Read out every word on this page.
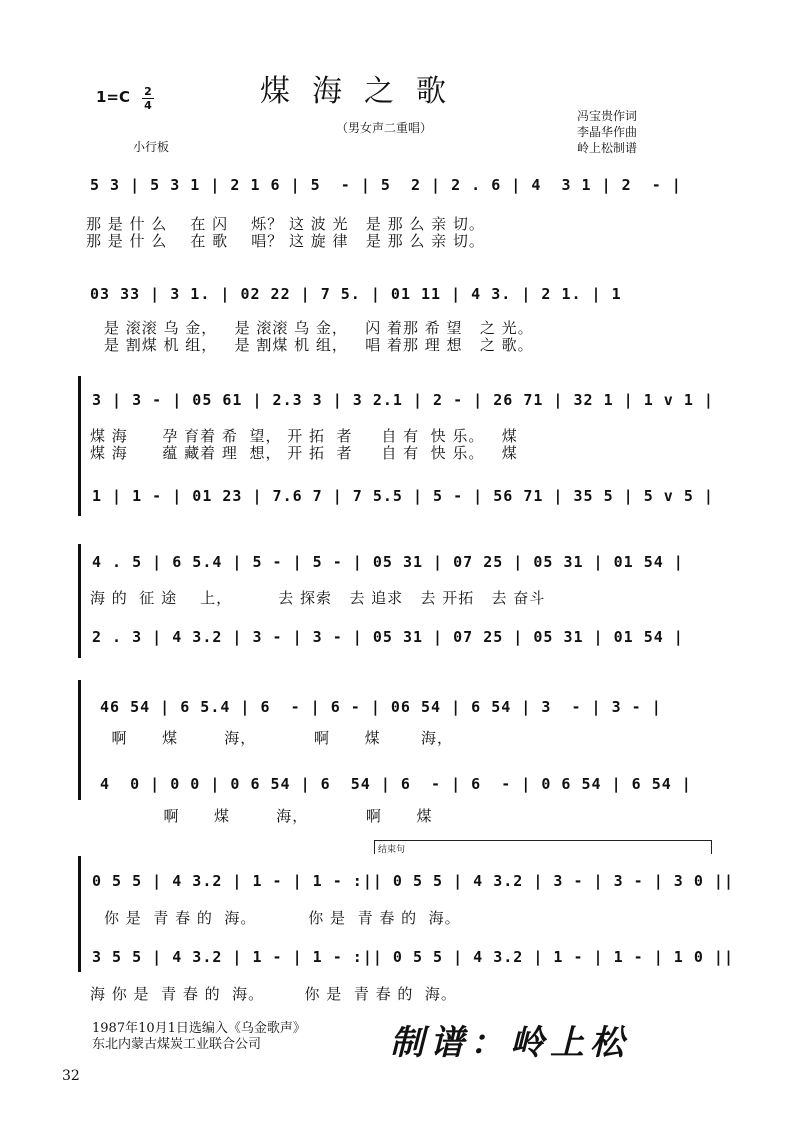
1=C 2
4	煤海之歌
（男女声二重唱）
冯宝贵作词
李晶华作曲
岭上松制谱
小行板
5 3 | 5 3 1 | 2 1 6 | 5  - | 5  2 | 2 . 6 | 4  3 1 | 2  - |
那 是 什 么    在 闪    烁？ 这 波 光   是 那 么 亲 切。
那 是 什 么    在 歌    唱？ 这 旋 律   是 那 么 亲 切。
03 33 | 3 1. | 02 22 | 7 5. | 01 11 | 4 3. | 2 1. | 1
是 滚滚 乌 金，   是 滚滚 乌 金，   闪 着那 希 望   之 光。
是 割煤 机 组，   是 割煤 机 组，   唱 着那 理 想   之 歌。
3 | 3 - | 05 61 | 2.3 3 | 3 2.1 | 2 - | 26 71 | 32 1 | 1 v 1 |
煤 海      孕 育着 希  望， 开 拓  者     自 有  快 乐。   煤
煤 海      蕴 藏着 理  想， 开 拓  者     自 有  快 乐。   煤
1 | 1 - | 01 23 | 7.6 7 | 7 5.5 | 5 - | 56 71 | 35 5 | 5 v 5 |
4 . 5 | 6 5.4 | 5 - | 5 - | 05 31 | 07 25 | 05 31 | 01 54 |
海 的  征 途    上，        去 探索   去 追求   去 开拓   去 奋斗
2 . 3 | 4 3.2 | 3 - | 3 - | 05 31 | 07 25 | 05 31 | 01 54 |
46 54 | 6 5.4 | 6  - | 6 - | 06 54 | 6 54 | 3  - | 3 - |
啊      煤        海，          啊      煤       海，
4  0 | 0 0 | 0 6 54 | 6  54 | 6  - | 6  - | 0 6 54 | 6 54 |
啊      煤        海，          啊      煤
结束句
0 5 5 | 4 3.2 | 1 - | 1 - :|| 0 5 5 | 4 3.2 | 3 - | 3 - | 3 0 ||
你 是  青 春 的  海。         你 是  青 春 的  海。
3 5 5 | 4 3.2 | 1 - | 1 - :|| 0 5 5 | 4 3.2 | 1 - | 1 - | 1 0 ||
海 你 是  青 春 的  海。       你 是  青 春 的  海。
1987年10月1日选编入《乌金歌声》
东北内蒙古煤炭工业联合公司	制谱：岭上松
32
